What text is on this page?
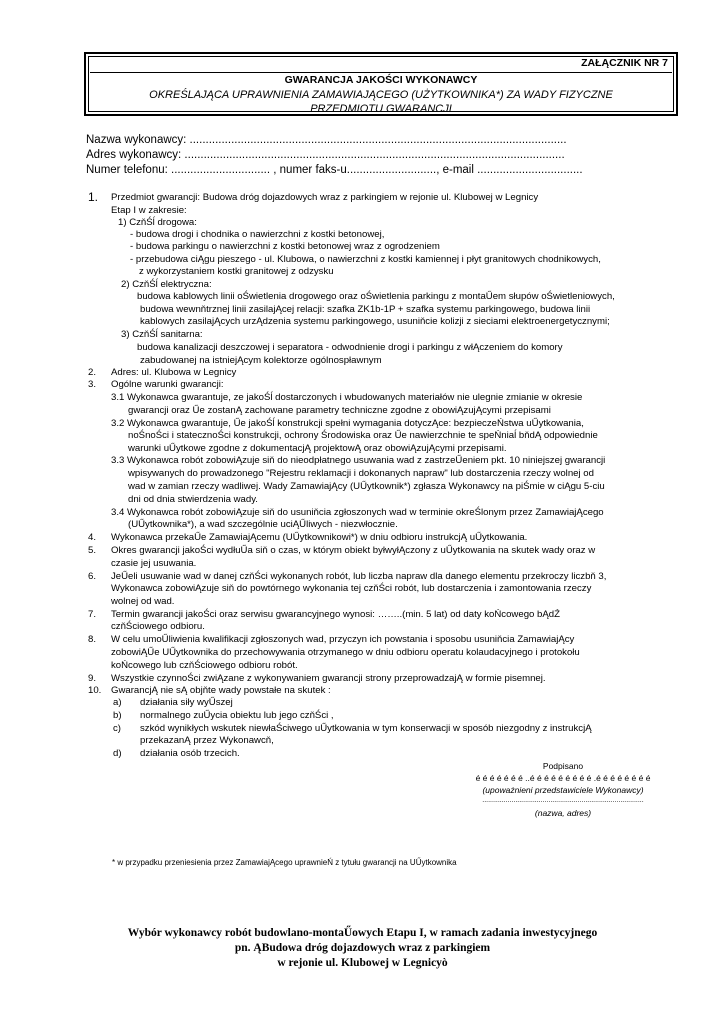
ZAŁĄCZNIK NR 7
GWARANCJA JAKOŚCI WYKONAWCY
OKREŚLAJĄCA UPRAWNIENIA ZAMAWIAJĄCEGO (UŻYTKOWNIKA*) ZA WADY FIZYCZNE
PRZEDMIOTU GWARANCJI
Nazwa wykonawcy: ......................................................................................................................
Adres wykonawcy: .......................................................................................................................
Numer telefonu: ............................... , numer faks-u............................, e-mail .................................
1. Przedmiot gwarancji: Budowa dróg dojazdowych wraz z parkingiem w rejonie ul. Klubowej w Legnicy
Etap I w zakresie:
1) CzňŚĺ drogowa:
- budowa drogi i chodnika o nawierzchni z kostki betonowej,
- budowa parkingu o nawierzchni z kostki betonowej wraz z ogrodzeniem
- przebudowa ciĄgu pieszego - ul. Klubowa, o nawierzchni z kostki kamiennej i płyt granitowych chodnikowych,
z wykorzystaniem kostki granitowej z odzysku
2) CzňŚĺ elektryczna:
budowa kablowych linii oŚwietlenia drogowego oraz oŚwietlenia parkingu z montaŰem słupów oŚwietleniowych,
budowa wewnňtrznej linii zasilajĄcej relacji: szafka ZK1b-1P + szafka systemu parkingowego, budowa linii
kablowych zasilajĄcych urzĄdzenia systemu parkingowego, usuniňcie kolizji z sieciami elektroenergetycznymi;
3) CzňŚĺ sanitarna:
budowa kanalizacji deszczowej i separatora - odwodnienie drogi i parkingu z włĄczeniem do komory
zabudowanej na istniejĄcym kolektorze ogólnospławnym
2. Adres: ul. Klubowa w Legnicy
3. Ogólne warunki gwarancji:
3.1 Wykonawca gwarantuje, ze jakoŚĺ dostarczonych i wbudowanych materiałów nie ulegnie zmianie w okresie
gwarancji oraz Űe zostanĄ zachowane parametry techniczne zgodne z obowiĄzujĄcymi przepisami
3.2 Wykonawca gwarantuje, Űe jakoŚĺ konstrukcji spełni wymagania dotyczĄce: bezpieczeŃstwa uŰytkowania,
noŚnoŚci i statecznoŚci konstrukcji, ochrony Środowiska oraz Űe nawierzchnie te speŃniaĺ bňdĄ odpowiednie
warunki uŰytkowe zgodne z dokumentacjĄ projektowĄ oraz obowiĄzujĄcymi przepisami.
3.3 Wykonawca robót zobowiĄzuje siň do nieodpłatnego usuwania wad z zastrzeŰeniem pkt. 10 niniejszej gwarancji
wpisywanych do prowadzonego "Rejestru reklamacji i dokonanych napraw" lub dostarczenia rzeczy wolnej od
wad w zamian rzeczy wadliwej. Wady ZamawiajĄcy (UŰytkownik*) zgłasza Wykonawcy na piŚmie w ciĄgu 5-ciu
dni od dnia stwierdzenia wady.
3.4 Wykonawca robót zobowiĄzuje siň do usuniňcia zgłoszonych wad w terminie okreŚlonym przez ZamawiajĄcego
(UŰytkownika*), a wad szczególnie uciĄŰliwych - niezwłocznie.
4. Wykonawca przekaŰe ZamawiajĄcemu (UŰytkownikowi*) w dniu odbioru instrukcjĄ uŰytkowania.
5. Okres gwarancji jakoŚci wydłuŰa siň o czas, w którym obiekt byłwyłĄczony z uŰytkowania na skutek wady oraz w
czasie jej usuwania.
6. JeŰeli usuwanie wad w danej czňŚci wykonanych robót, lub liczba napraw dla danego elementu przekroczy liczbň 3,
Wykonawca zobowiĄzuje siň do powtórnego wykonania tej czňŚci robót, lub dostarczenia i zamontowania rzeczy
wolnej od wad.
7. Termin gwarancji jakoŚci oraz serwisu gwarancyjnego wynosi: ……..(min. 5 lat) od daty koŃcowego bĄdŹ
czňŚciowego odbioru.
8. W celu umoŰliwienia kwalifikacji zgłoszonych wad, przyczyn ich powstania i sposobu usuniňcia ZamawiajĄcy
zobowiĄŰe UŰytkownika do przechowywania otrzymanego w dniu odbioru operatu kolaudacyjnego i protokołu
koŃcowego lub czňŚciowego odbioru robót.
9. Wszystkie czynnoŚci zwiĄzane z wykonywaniem gwarancji strony przeprowadzajĄ w formie pisemnej.
10. GwarancjĄ nie sĄ objňte wady powstałe na skutek :
a) działania siły wyŰszej
b) normalnego zuŰycia obiektu lub jego czňŚci ,
c) szkód wynikłych wskutek niewłaŚciwego uŰytkowania w tym konserwacji w sposób niezgodny z instrukcjĄ
przekazanĄ przez Wykonawcň,
d) działania osób trzecich.
Podpisano
é é é é é é é ..é é é é é é é é é .é é é é é é é é
(upoważnieni przedstawiciele Wykonawcy)
...................................................................................
(nazwa, adres)
* w przypadku przeniesienia przez ZamawiajĄcego uprawnieŃ z tytułu gwarancji na UŰytkownika
Wybór wykonawcy robót budowlano-montaŰowych Etapu I, w ramach zadania inwestycyjnego
pn. ĄBudowa dróg dojazdowych wraz z parkingiem
w rejonie ul. Klubowej w Legnicyò
